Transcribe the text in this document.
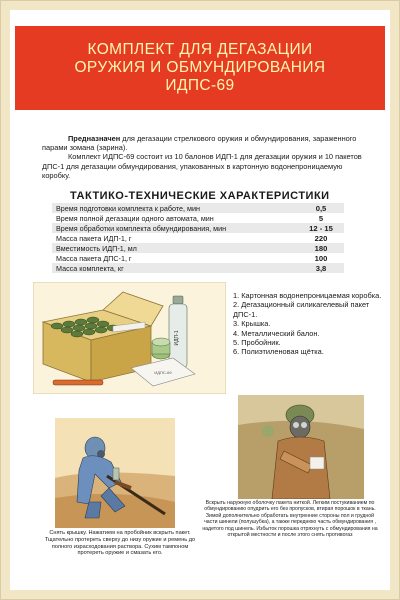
КОМПЛЕКТ ДЛЯ ДЕГАЗАЦИИ
ОРУЖИЯ И ОБМУНДИРОВАНИЯ
ИДПС-69

Предназначен для дегазации стрелкового оружия и обмундирования, зараженного парами зомана (зарина).

Комплект ИДПС-69 состоит из 10 балонов ИДП-1 для дегазации оружия и 10 пакетов ДПС-1 для дегазации обмундирования, упакованных в картонную водонепроницаемую коробку.

ТАКТИКО-ТЕХНИЧЕСКИЕ ХАРАКТЕРИСТИКИ
Время подготовки комплекта к работе, мин	0,5
Время полной дегазации одного автомата, мин	5
Время обработки комплекта обмундирования, мин	12 - 15
Масса пакета ИДП-1, г	220
Вместимость ИДП-1, мл	180
Масса пакета ДПС-1, г	100
Масса комплекта, кг	3,8
ИДП-1
ИДПС-69
1. Картонная водонепроницаемая коробка.
2. Дегазационный силикагелевый пакет ДПС-1.
3. Крышка.
4. Металлический балон.
5. Пробойник.
6. Полиэтиленовая щётка.
Снять крышку. Нажатием на пробойник вскрыть пакет. Тщательно протереть сверху до низу оружие и ремень до полного израсходования раствора. Сухим тампоном протереть оружие и смазать его.
Вскрыть наружную оболочку пакета ниткой. Легким постукиванием по обмундированию опудрить его без пропусков, втирая порошок в ткань. Зимой дополнительно обработать внутренние стороны пол и грудной части шинели (полушубка), а также переднюю часть обмундирования , надетого под шинель. Избыток порошка отряхнуть с обмундирования на открытой местности и после этого снять противогаз
